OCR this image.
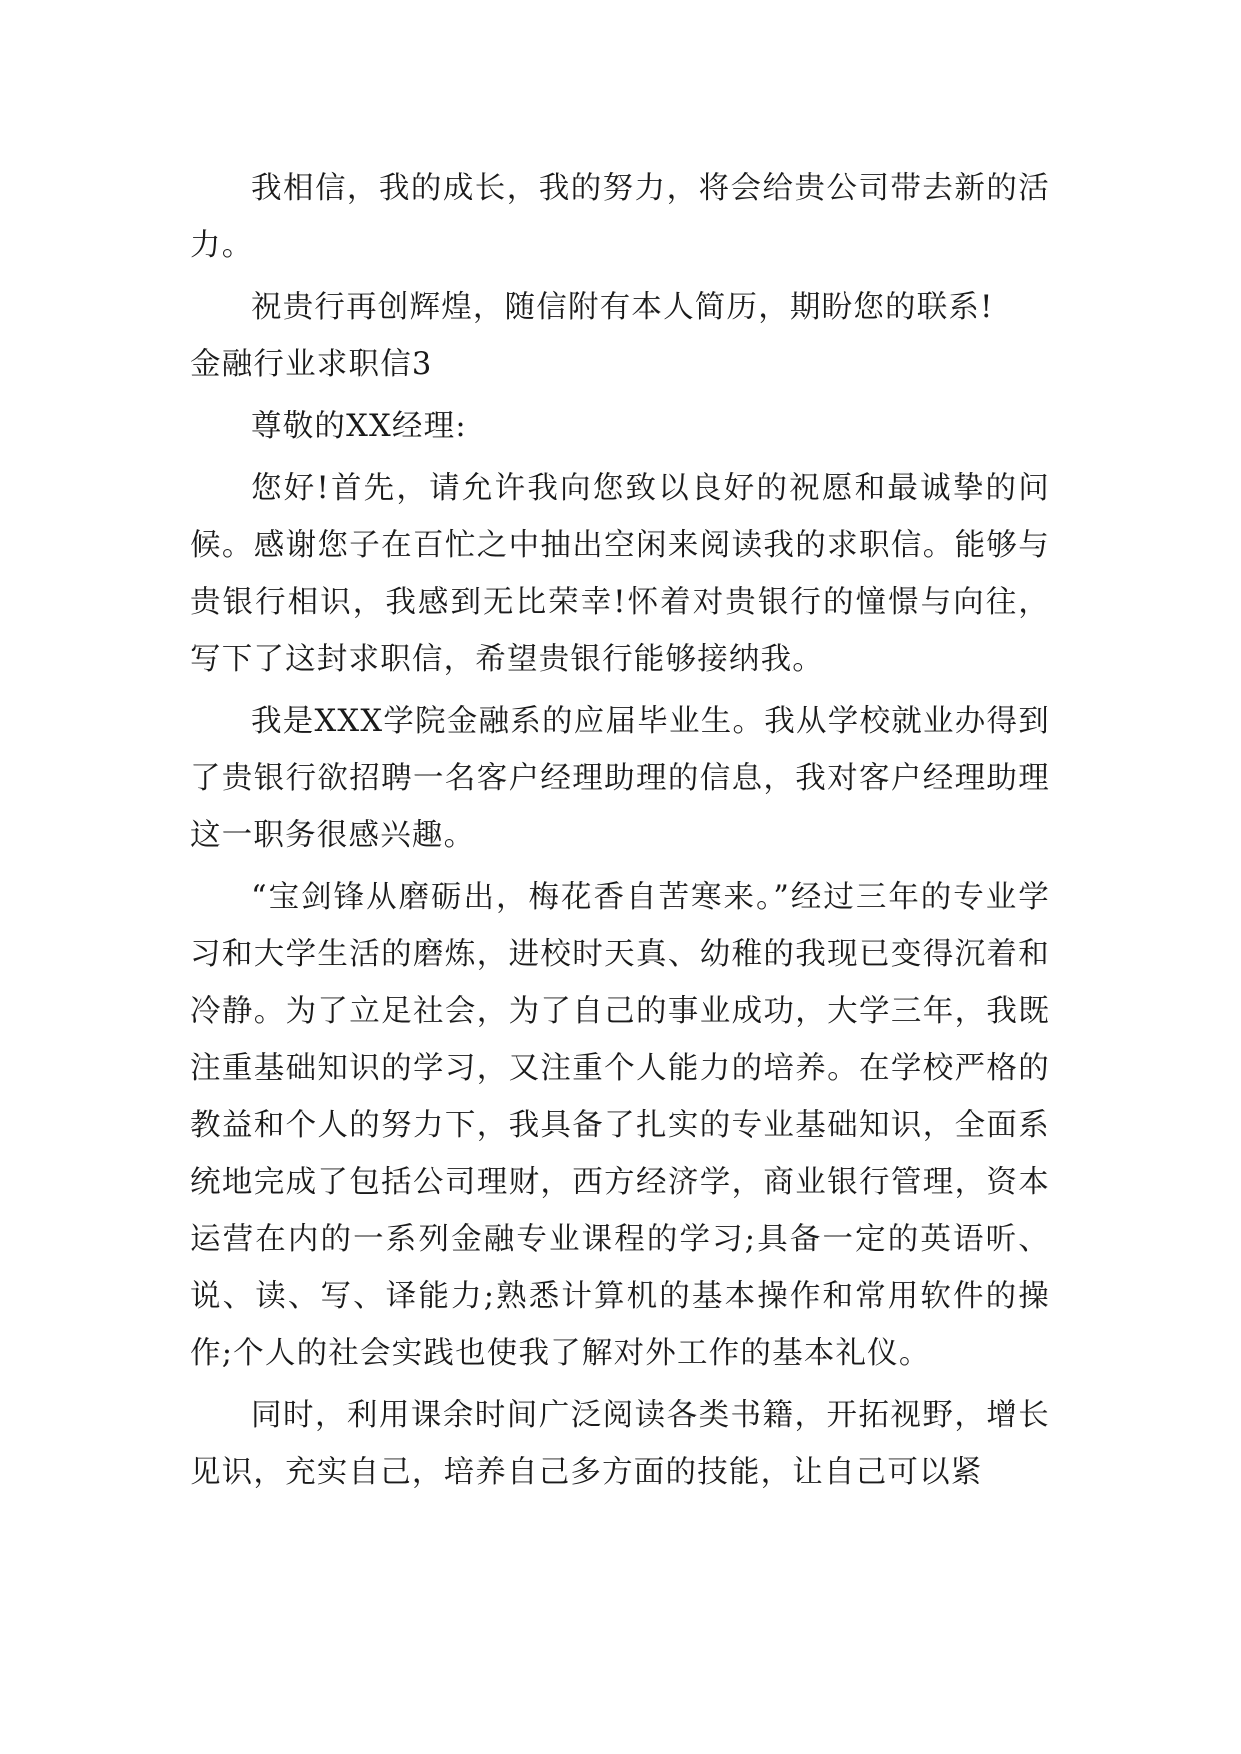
我相信，我的成长，我的努力，将会给贵公司带去新的活力。

祝贵行再创辉煌，随信附有本人简历，期盼您的联系!

金融行业求职信3

尊敬的XX经理:

您好!首先，请允许我向您致以良好的祝愿和最诚挚的问候。感谢您子在百忙之中抽出空闲来阅读我的求职信。能够与贵银行相识，我感到无比荣幸!怀着对贵银行的憧憬与向往，写下了这封求职信，希望贵银行能够接纳我。

我是XXX学院金融系的应届毕业生。我从学校就业办得到了贵银行欲招聘一名客户经理助理的信息，我对客户经理助理这一职务很感兴趣。

“宝剑锋从磨砺出，梅花香自苦寒来。”经过三年的专业学习和大学生活的磨炼，进校时天真、幼稚的我现已变得沉着和冷静。为了立足社会，为了自己的事业成功，大学三年，我既注重基础知识的学习，又注重个人能力的培养。在学校严格的教益和个人的努力下，我具备了扎实的专业基础知识，全面系统地完成了包括公司理财，西方经济学，商业银行管理，资本运营在内的一系列金融专业课程的学习;具备一定的英语听、说、读、写、译能力;熟悉计算机的基本操作和常用软件的操作;个人的社会实践也使我了解对外工作的基本礼仪。

同时，利用课余时间广泛阅读各类书籍，开拓视野，增长见识，充实自己，培养自己多方面的技能，让自己可以紧
